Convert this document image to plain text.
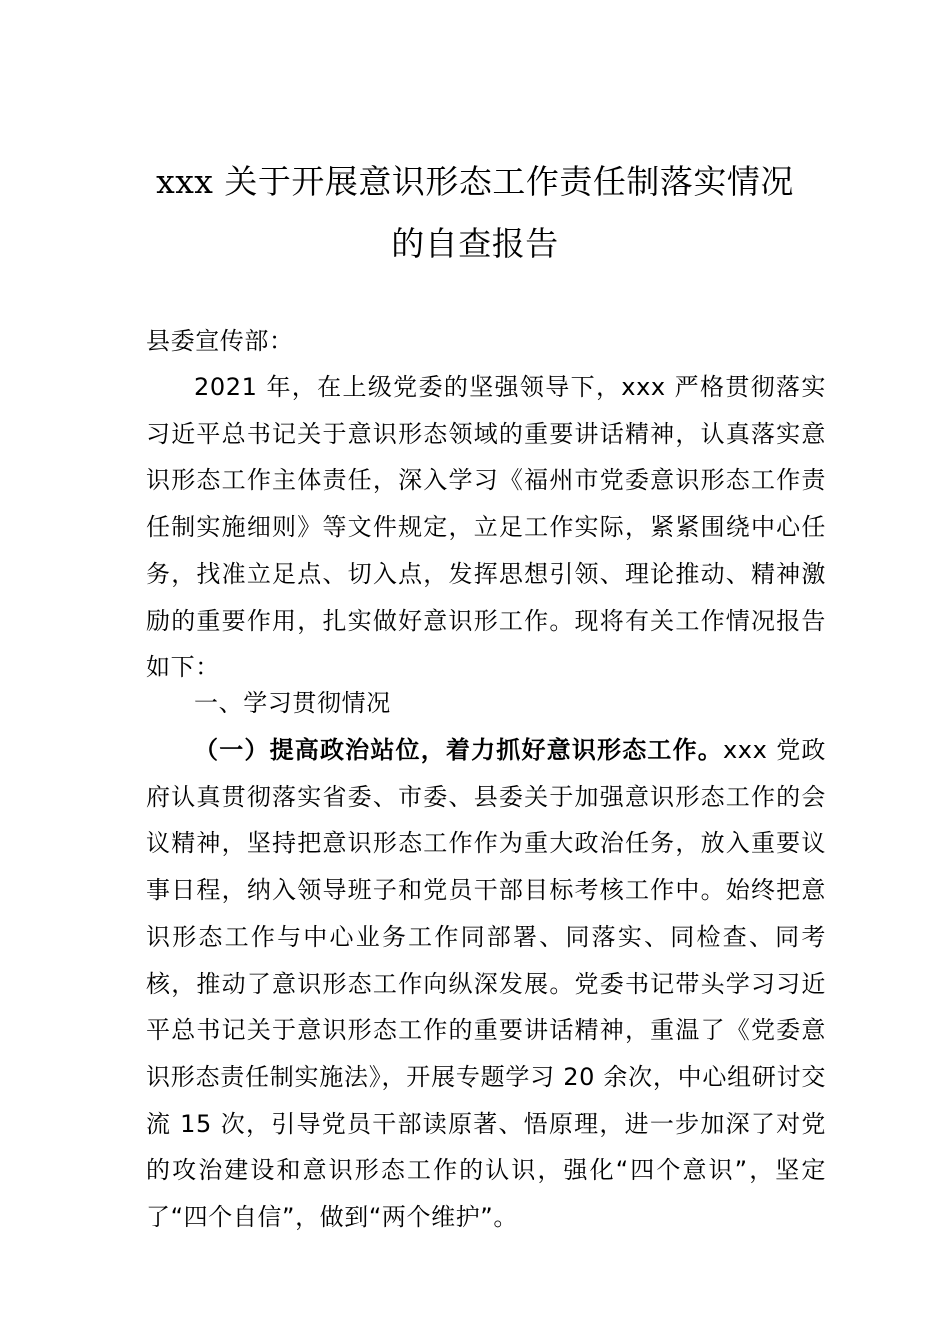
xxx 关于开展意识形态工作责任制落实情况
的自查报告
县委宣传部：

2021 年，在上级党委的坚强领导下，xxx 严格贯彻落实习近平总书记关于意识形态领域的重要讲话精神，认真落实意识形态工作主体责任，深入学习《福州市党委意识形态工作责任制实施细则》等文件规定，立足工作实际，紧紧围绕中心任务，找准立足点、切入点，发挥思想引领、理论推动、精神激励的重要作用，扎实做好意识形工作。现将有关工作情况报告如下：

一、学习贯彻情况

（一）提高政治站位，着力抓好意识形态工作。xxx 党政府认真贯彻落实省委、市委、县委关于加强意识形态工作的会议精神，坚持把意识形态工作作为重大政治任务，放入重要议事日程，纳入领导班子和党员干部目标考核工作中。始终把意识形态工作与中心业务工作同部署、同落实、同检查、同考核，推动了意识形态工作向纵深发展。党委书记带头学习习近平总书记关于意识形态工作的重要讲话精神，重温了《党委意识形态责任制实施法》，开展专题学习 20 余次，中心组研讨交流 15 次，引导党员干部读原著、悟原理，进一步加深了对党的攻治建设和意识形态工作的认识，强化“四个意识”，坚定了“四个自信”，做到“两个维护”。
